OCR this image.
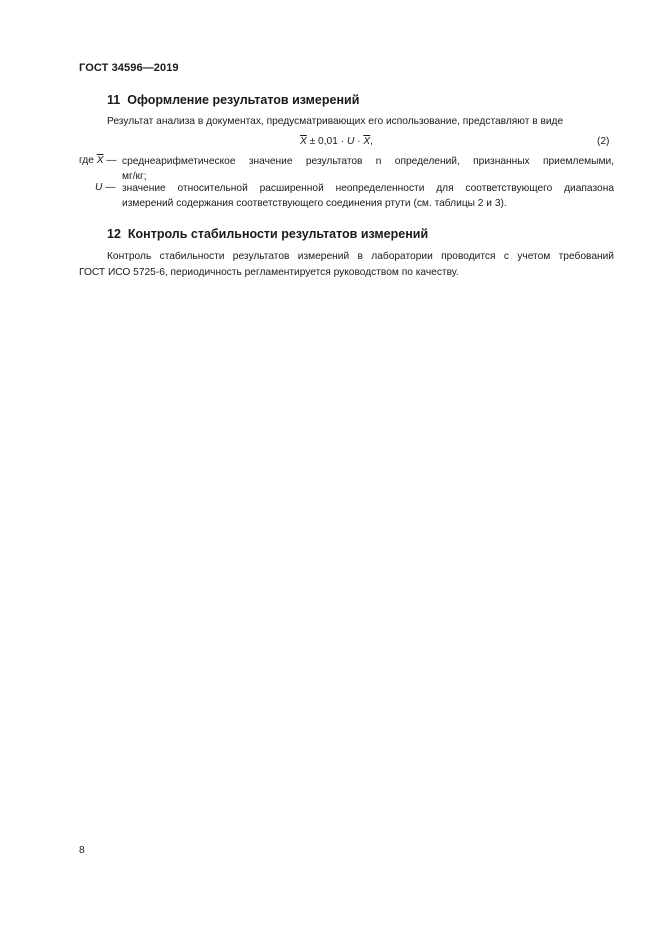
ГОСТ 34596—2019
11 Оформление результатов измерений
Результат анализа в документах, предусматривающих его использование, представляют в виде
$\overline{X} \pm 0,01 \cdot U \cdot \overline{X}$,	(2)
где $\overline{X}$ — среднеарифметическое значение результатов n определений, признанных приемлемыми,
мг/кг;
U — значение относительной расширенной неопределенности для соответствующего диапазона
измерений содержания соответствующего соединения ртути (см. таблицы 2 и 3).
12 Контроль стабильности результатов измерений
Контроль стабильности результатов измерений в лаборатории проводится с учетом требований
ГОСТ ИСО 5725-6, периодичность регламентируется руководством по качеству.
8
